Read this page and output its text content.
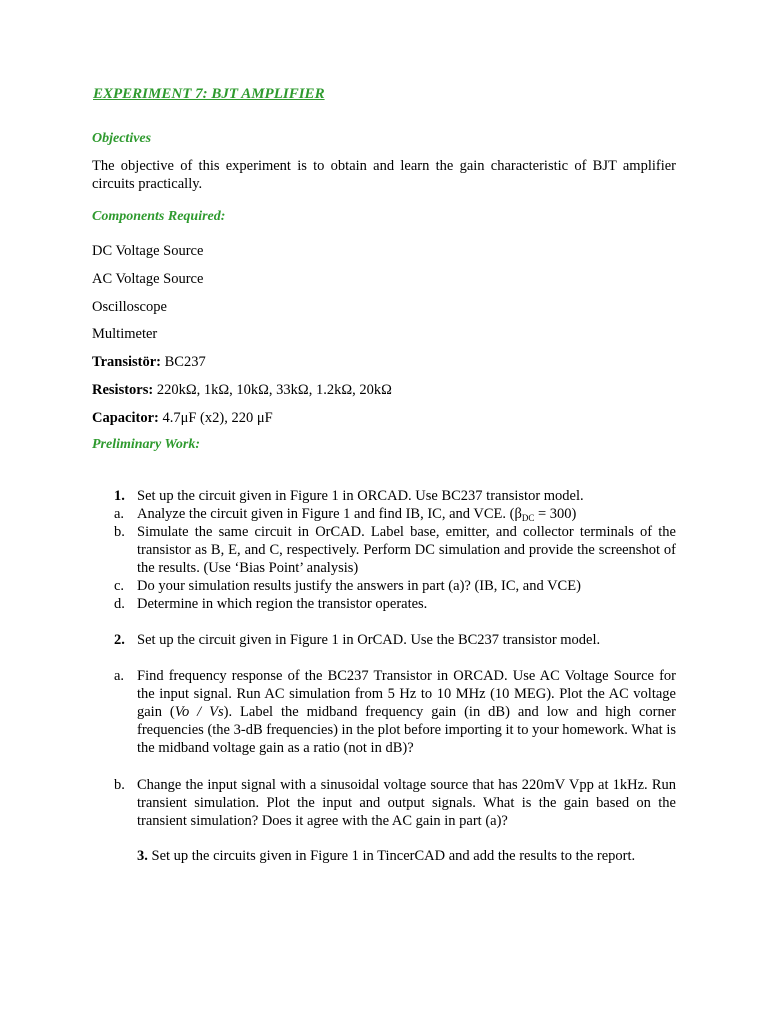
EXPERIMENT 7: BJT AMPLIFIER
Objectives
The objective of this experiment is to obtain and learn the gain characteristic of BJT amplifier circuits practically.
Components Required:
DC Voltage Source
AC Voltage Source
Oscilloscope
Multimeter
Transistör: BC237
Resistors: 220kΩ, 1kΩ, 10kΩ, 33kΩ, 1.2kΩ, 20kΩ
Capacitor: 4.7μF (x2), 220 μF
Preliminary Work:
1. Set up the circuit given in Figure 1 in ORCAD. Use BC237 transistor model.
a. Analyze the circuit given in Figure 1 and find IB, IC, and VCE. $(\beta_{DC} = 300)$
b. Simulate the same circuit in OrCAD. Label base, emitter, and collector terminals of the transistor as B, E, and C, respectively. Perform DC simulation and provide the screenshot of the results. (Use ‘Bias Point’ analysis)
c. Do your simulation results justify the answers in part (a)? (IB, IC, and VCE)
d. Determine in which region the transistor operates.
2. Set up the circuit given in Figure 1 in OrCAD. Use the BC237 transistor model.
a. Find frequency response of the BC237 Transistor in ORCAD. Use AC Voltage Source for the input signal. Run AC simulation from 5 Hz to 10 MHz (10 MEG). Plot the AC voltage gain (Vo / Vs). Label the midband frequency gain (in dB) and low and high corner frequencies (the 3-dB frequencies) in the plot before importing it to your homework. What is the midband voltage gain as a ratio (not in dB)?
b. Change the input signal with a sinusoidal voltage source that has 220mV Vpp at 1kHz. Run transient simulation. Plot the input and output signals. What is the gain based on the transient simulation? Does it agree with the AC gain in part (a)?
3. Set up the circuits given in Figure 1 in TincerCAD and add the results to the report.
